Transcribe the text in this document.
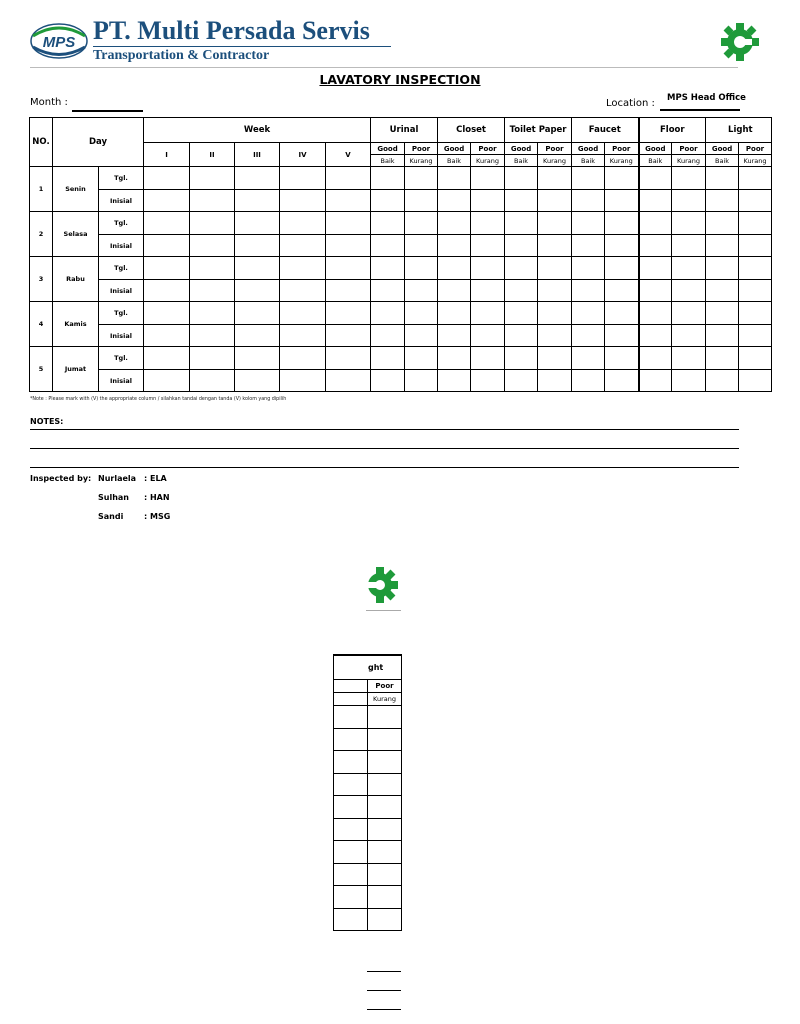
MPS PT. Multi Persada Servis
Transportation & Contractor
LAVATORY INSPECTION
Month :	Location : MPS Head Office
NO.	Day		Week					Urinal		Closet		Toilet Paper		Faucet		Floor		Light	
			I	II	III	IV	V	Good	Poor	Good	Poor	Good	Poor	Good	Poor	Good	Poor	Good	Poor
								Baik	Kurang	Baik	Kurang	Baik	Kurang	Baik	Kurang	Baik	Kurang	Baik	Kurang
1	Senin	Tgl.																	
		Inisial																	
2	Selasa	Tgl.																	
		Inisial																	
3	Rabu	Tgl.																	
		Inisial																	
4	Kamis	Tgl.																	
		Inisial																	
5	Jumat	Tgl.																	
		Inisial																	
*Note : Please mark with (V) the appropriate column / silahkan tandai dengan tanda (V) kolom yang dipilih
NOTES:
Inspected by: Nurlaela : ELA
Sulhan : HAN
Sandi	: MSG
ght	
	Poor
	Kurang
